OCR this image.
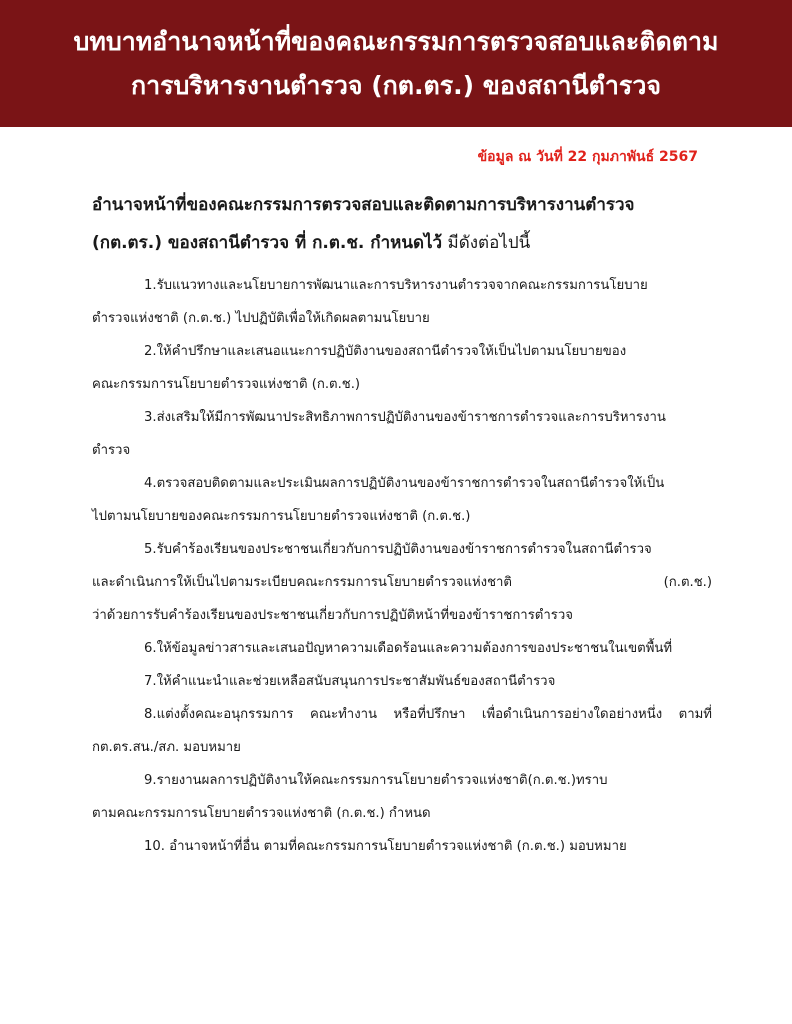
บทบาทอำนาจหน้าที่ของคณะกรรมการตรวจสอบและติดตาม
การบริหารงานตำรวจ (กต.ตร.) ของสถานีตำรวจ
ข้อมูล ณ วันที่ 22 กุมภาพันธ์ 2567
อำนาจหน้าที่ของคณะกรรมการตรวจสอบและติดตามการบริหารงานตำรวจ
(กต.ตร.) ของสถานีตำรวจ ที่ ก.ต.ช. กำหนดไว้ มีดังต่อไปนี้
1.รับแนวทางและนโยบายการพัฒนาและการบริหารงานตำรวจจากคณะกรรมการนโยบาย
ตำรวจแห่งชาติ (ก.ต.ช.) ไปปฏิบัติเพื่อให้เกิดผลตามนโยบาย
2.ให้คำปรึกษาและเสนอแนะการปฏิบัติงานของสถานีตำรวจให้เป็นไปตามนโยบายของ
คณะกรรมการนโยบายตำรวจแห่งชาติ (ก.ต.ช.)
3.ส่งเสริมให้มีการพัฒนาประสิทธิภาพการปฏิบัติงานของข้าราชการตำรวจและการบริหารงาน
ตำรวจ
4.ตรวจสอบติดตามและประเมินผลการปฏิบัติงานของข้าราชการตำรวจในสถานีตำรวจให้เป็น
ไปตามนโยบายของคณะกรรมการนโยบายตำรวจแห่งชาติ (ก.ต.ช.)
5.รับคำร้องเรียนของประชาชนเกี่ยวกับการปฏิบัติงานของข้าราชการตำรวจในสถานีตำรวจ
และดำเนินการให้เป็นไปตามระเบียบคณะกรรมการนโยบายตำรวจแห่งชาติ (ก.ต.ช.)
ว่าด้วยการรับคำร้องเรียนของประชาชนเกี่ยวกับการปฏิบัติหน้าที่ของข้าราชการตำรวจ
6.ให้ข้อมูลข่าวสารและเสนอปัญหาความเดือดร้อนและความต้องการของประชาชนในเขตพื้นที่
7.ให้คำแนะนำและช่วยเหลือสนับสนุนการประชาสัมพันธ์ของสถานีตำรวจ
8.แต่งตั้งคณะอนุกรรมการ คณะทำงาน หรือที่ปรึกษา เพื่อดำเนินการอย่างใดอย่างหนึ่ง ตามที่
กต.ตร.สน./สภ. มอบหมาย
9.รายงานผลการปฏิบัติงานให้คณะกรรมการนโยบายตำรวจแห่งชาติ(ก.ต.ช.)ทราบ
ตามคณะกรรมการนโยบายตำรวจแห่งชาติ (ก.ต.ช.) กำหนด
10. อำนาจหน้าที่อื่น ตามที่คณะกรรมการนโยบายตำรวจแห่งชาติ (ก.ต.ช.) มอบหมาย
